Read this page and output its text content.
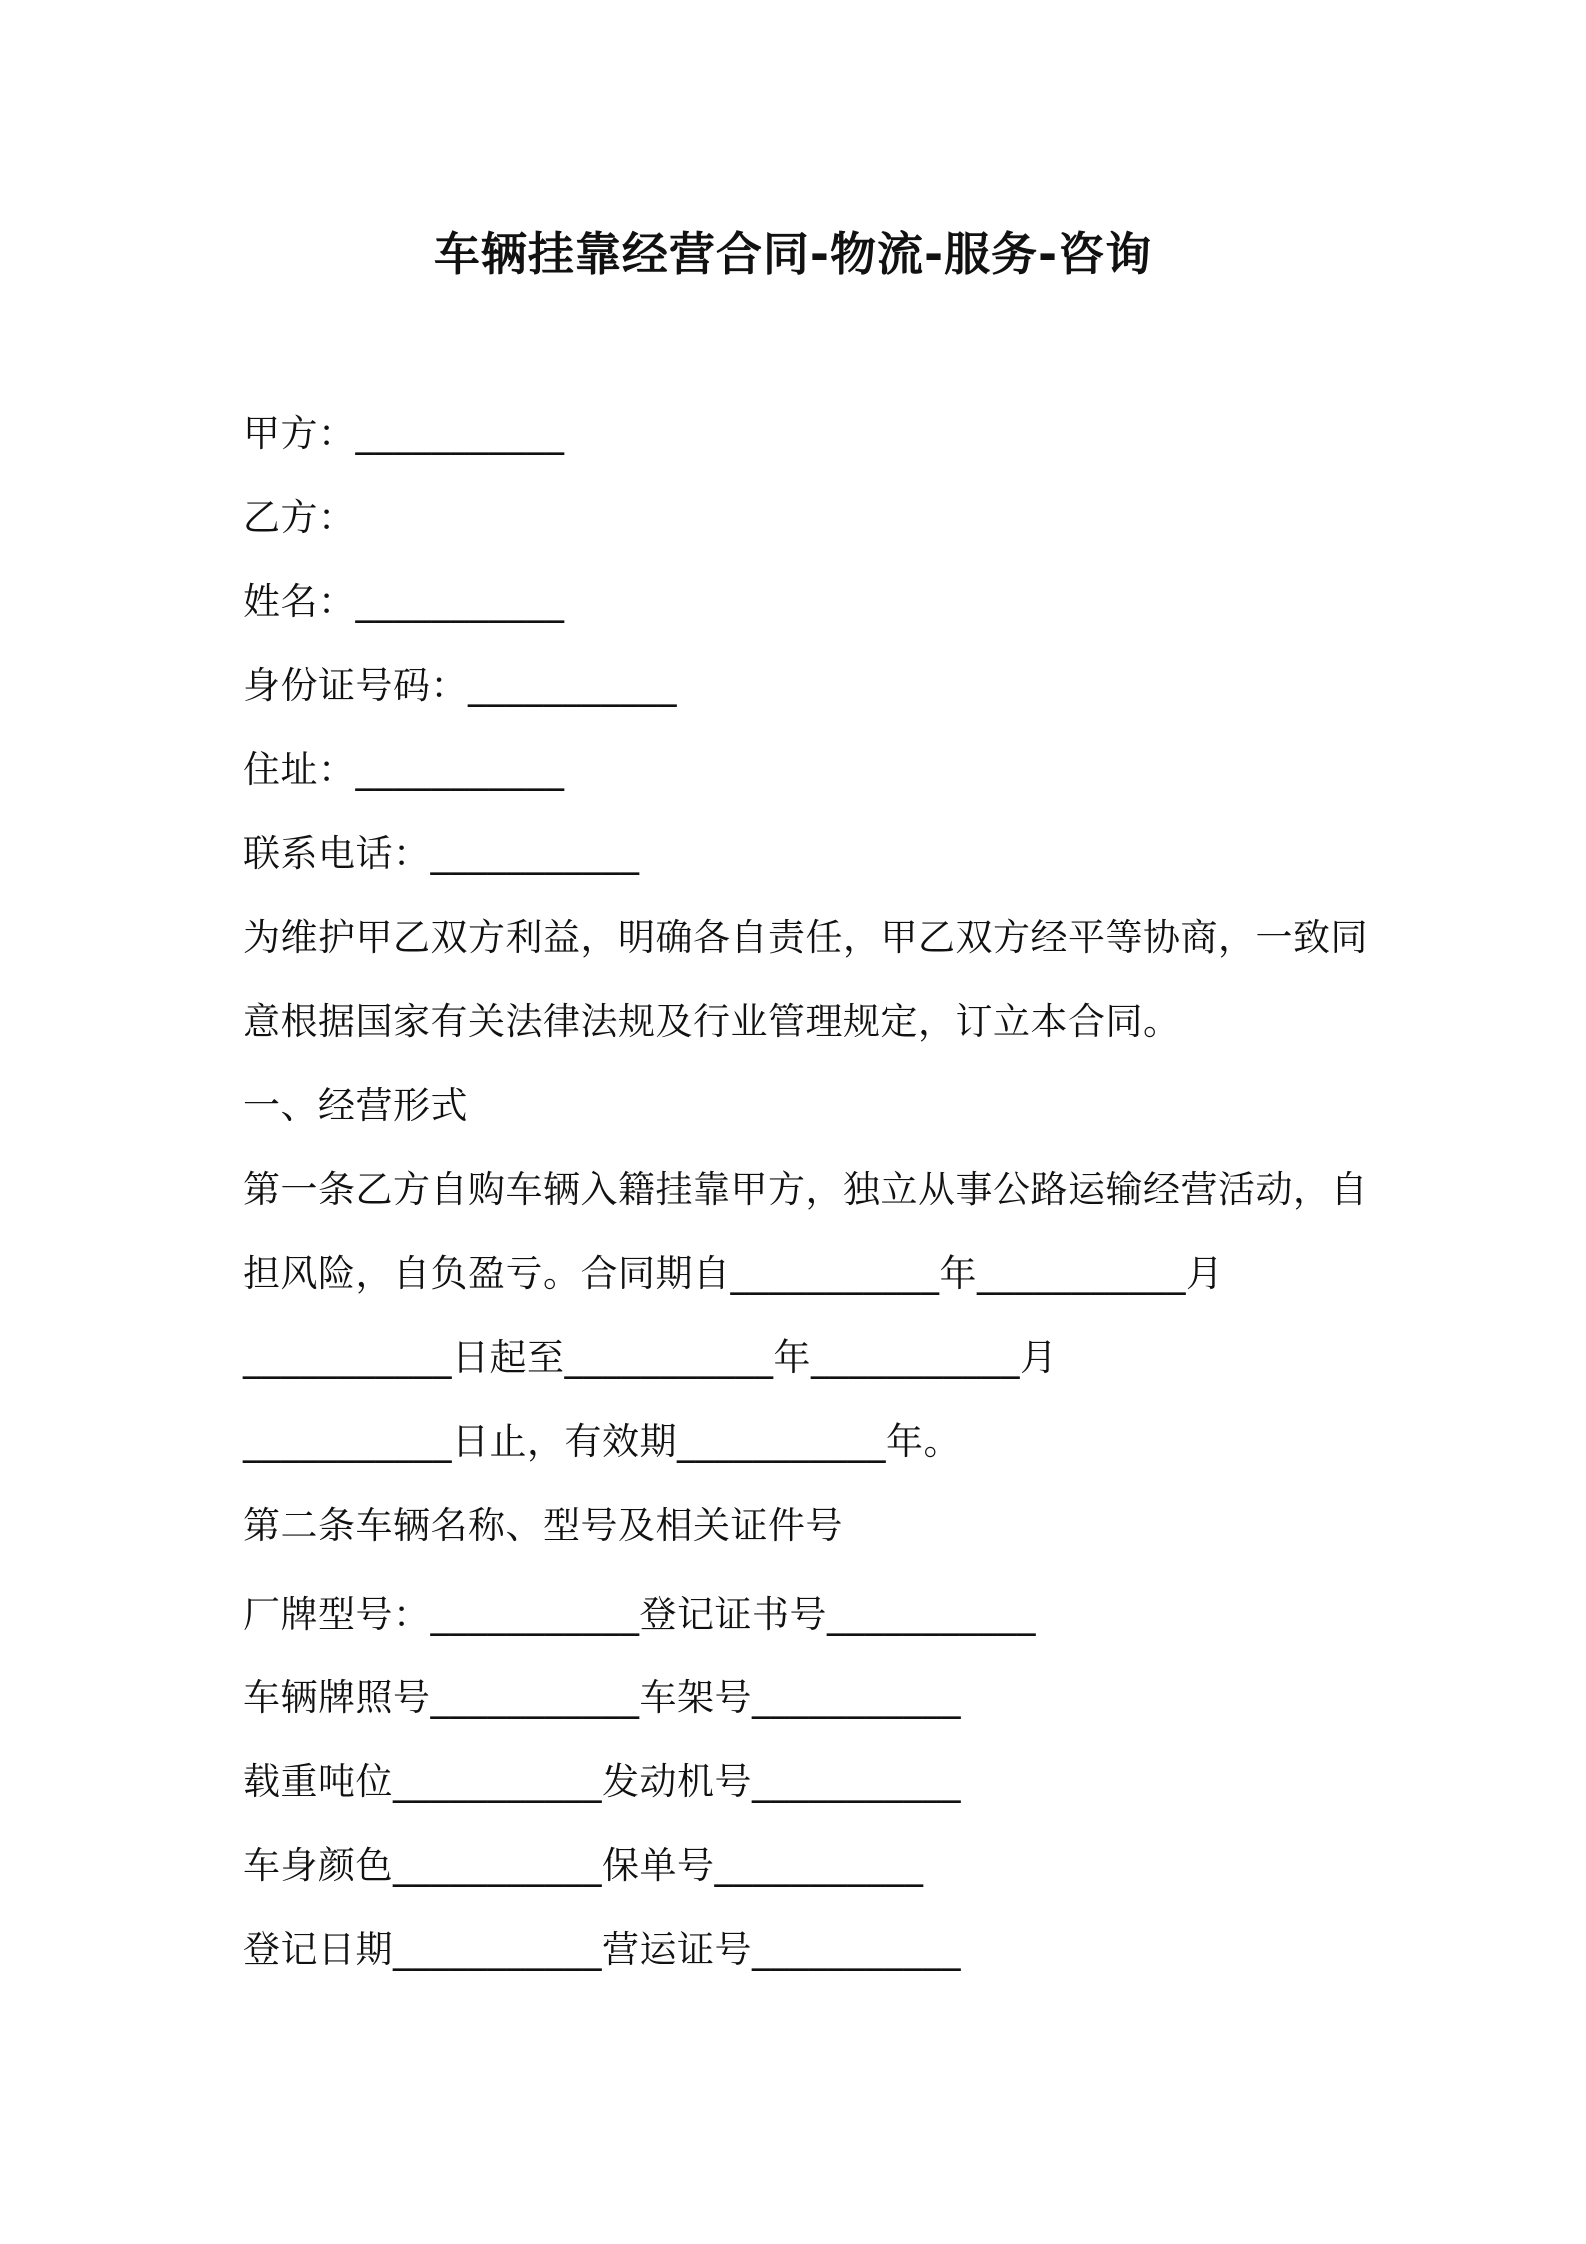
车辆挂靠经营合同-物流-服务-咨询
甲方：___________
乙方：
姓名：___________
身份证号码：___________
住址：___________
联系电话：___________
为维护甲乙双方利益，明确各自责任，甲乙双方经平等协商，一致同
意根据国家有关法律法规及行业管理规定，订立本合同。
一、经营形式
第一条乙方自购车辆入籍挂靠甲方，独立从事公路运输经营活动，自
担风险，自负盈亏。合同期自___________年___________月
___________日起至___________年___________月
___________日止，有效期___________年。
第二条车辆名称、型号及相关证件号
厂牌型号：___________登记证书号___________
车辆牌照号___________车架号___________
载重吨位___________发动机号___________
车身颜色___________保单号___________
登记日期___________营运证号___________
